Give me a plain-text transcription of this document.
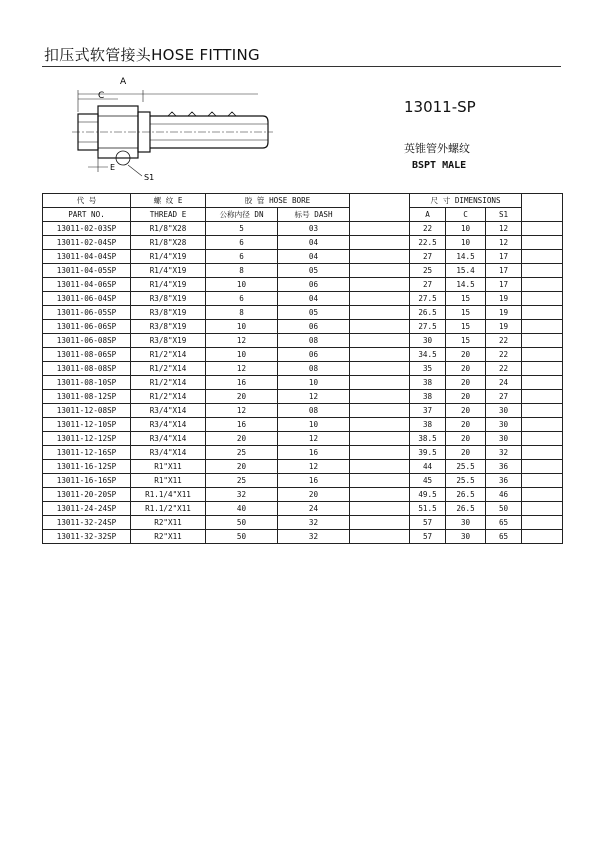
扣压式软管接头HOSE FITTING
A
C
E
S1
13011-SP
英锥管外螺纹
BSPT MALE
代 号	螺 纹 E	胶 管 HOSE BORE			尺 寸 DIMENSIONS			
PART NO.	THREAD E	公称内径 DN	标号 DASH		A	C	S1	
13011-02-03SP	R1/8"X28	5	03		22	10	12	
13011-02-04SP	R1/8"X28	6	04		22.5	10	12	
13011-04-04SP	R1/4"X19	6	04		27	14.5	17	
13011-04-05SP	R1/4"X19	8	05		25	15.4	17	
13011-04-06SP	R1/4"X19	10	06		27	14.5	17	
13011-06-04SP	R3/8"X19	6	04		27.5	15	19	
13011-06-05SP	R3/8"X19	8	05		26.5	15	19	
13011-06-06SP	R3/8"X19	10	06		27.5	15	19	
13011-06-08SP	R3/8"X19	12	08		30	15	22	
13011-08-06SP	R1/2"X14	10	06		34.5	20	22	
13011-08-08SP	R1/2"X14	12	08		35	20	22	
13011-08-10SP	R1/2"X14	16	10		38	20	24	
13011-08-12SP	R1/2"X14	20	12		38	20	27	
13011-12-08SP	R3/4"X14	12	08		37	20	30	
13011-12-10SP	R3/4"X14	16	10		38	20	30	
13011-12-12SP	R3/4"X14	20	12		38.5	20	30	
13011-12-16SP	R3/4"X14	25	16		39.5	20	32	
13011-16-12SP	R1"X11	20	12		44	25.5	36	
13011-16-16SP	R1"X11	25	16		45	25.5	36	
13011-20-20SP	R1.1/4"X11	32	20		49.5	26.5	46	
13011-24-24SP	R1.1/2"X11	40	24		51.5	26.5	50	
13011-32-24SP	R2"X11	50	32		57	30	65	
13011-32-32SP	R2"X11	50	32		57	30	65	
